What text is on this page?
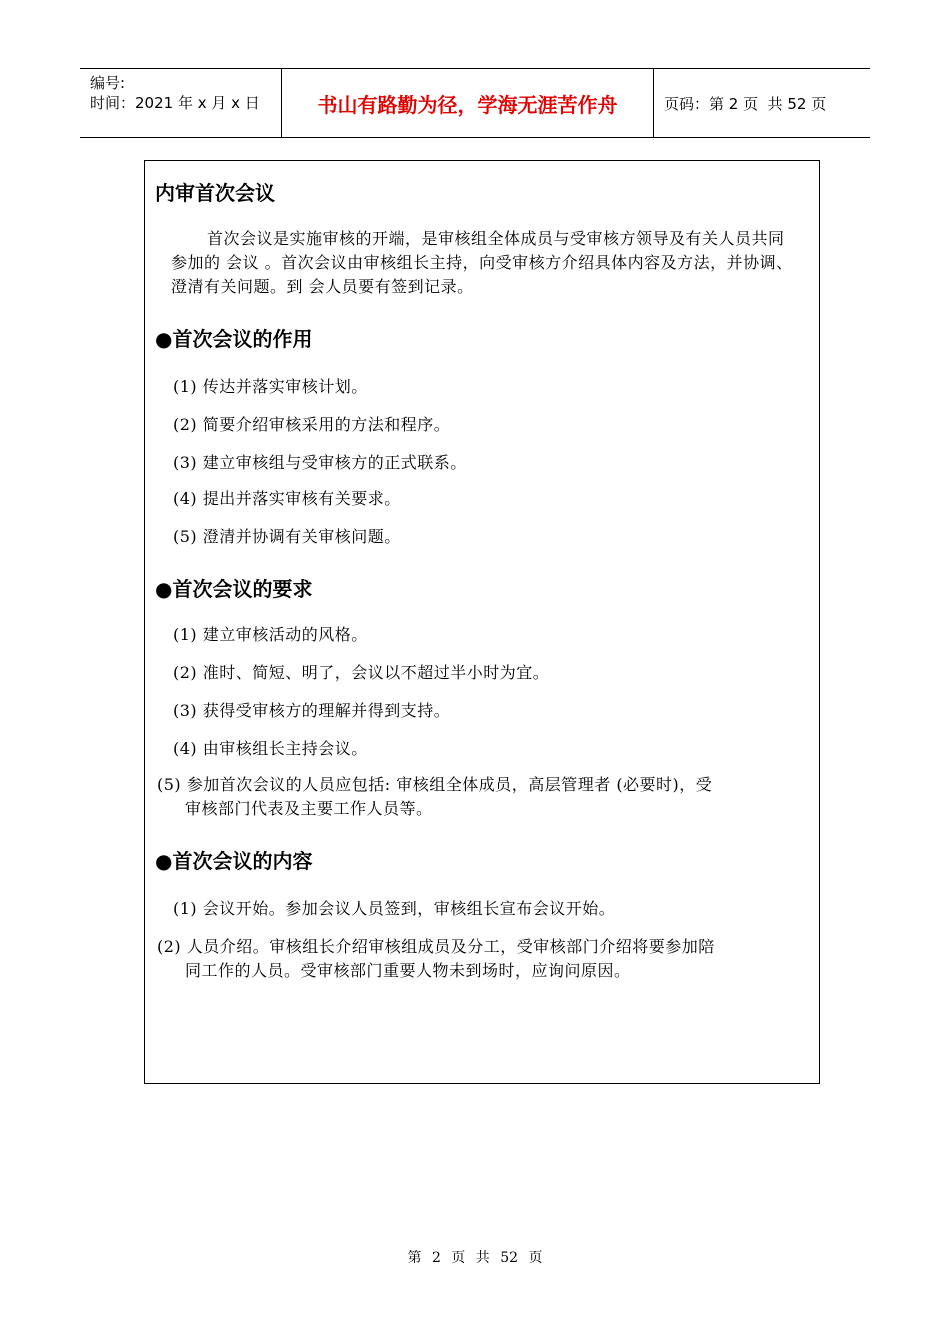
编号:
时间：2021 年 x 月 x 日	书山有路勤为径，学海无涯苦作舟	页码：第 2 页  共 52 页
内审首次会议
首次会议是实施审核的开端，是审核组全体成员与受审核方领导及有关人员共同参加的 会议 。首次会议由审核组长主持，向受审核方介绍具体内容及方法，并协调、澄清有关问题。到 会人员要有签到记录。
●首次会议的作用
(1) 传达并落实审核计划。
(2) 简要介绍审核采用的方法和程序。
(3) 建立审核组与受审核方的正式联系。
(4) 提出并落实审核有关要求。
(5) 澄清并协调有关审核问题。
●首次会议的要求
(1) 建立审核活动的风格。
(2) 准时、简短、明了，会议以不超过半小时为宜。
(3) 获得受审核方的理解并得到支持。
(4) 由审核组长主持会议。
(5) 参加首次会议的人员应包括: 审核组全体成员，高层管理者 (必要时)，受
审核部门代表及主要工作人员等。
●首次会议的内容
(1) 会议开始。参加会议人员签到，审核组长宣布会议开始。
(2) 人员介绍。审核组长介绍审核组成员及分工，受审核部门介绍将要参加陪
同工作的人员。受审核部门重要人物未到场时，应询问原因。
第 2 页 共 52 页
